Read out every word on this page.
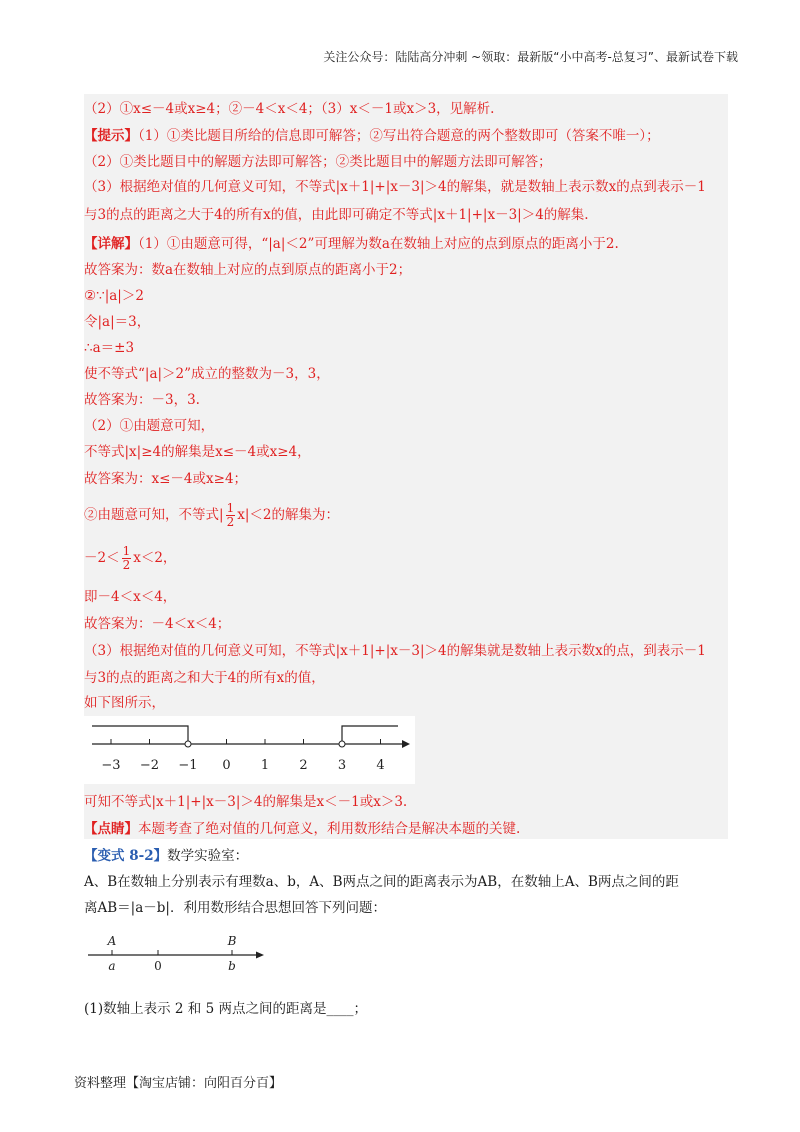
关注公众号：陆陆高分冲刺 ~领取：最新版“小中高考-总复习”、最新试卷下载
（2）①x≤－4或x≥4；②－4＜x＜4；（3）x＜－1或x＞3，见解析.
【提示】（1）①类比题目所给的信息即可解答；②写出符合题意的两个整数即可（答案不唯一）；
（2）①类比题目中的解题方法即可解答；②类比题目中的解题方法即可解答；
（3）根据绝对值的几何意义可知，不等式|x＋1|+|x－3|＞4的解集，就是数轴上表示数x的点到表示－1
与3的点的距离之大于4的所有x的值，由此即可确定不等式|x＋1|+|x－3|＞4的解集.
【详解】（1）①由题意可得，“|a|＜2”可理解为数a在数轴上对应的点到原点的距离小于2.
故答案为：数a在数轴上对应的点到原点的距离小于2；
②∵|a|＞2
令|a|＝3，
∴a＝±3
使不等式“|a|＞2”成立的整数为－3，3，
故答案为：－3，3.
（2）①由题意可知，
不等式|x|≥4的解集是x≤－4或x≥4，
故答案为：x≤－4或x≥4；
②由题意可知，不等式| $\frac{1}{2} x|<2$的解集为：
$-2< \frac{1}{2} x<2$，
即－4＜x＜4，
故答案为：－4＜x＜4；
（3）根据绝对值的几何意义可知，不等式|x＋1|+|x－3|＞4的解集就是数轴上表示数x的点，到表示－1
与3的点的距离之和大于4的所有x的值，
如下图所示，
−3 −2 −1 0 1 2 3 4
可知不等式|x＋1|+|x－3|＞4的解集是x＜－1或x＞3.
【点睛】本题考查了绝对值的几何意义，利用数形结合是解决本题的关键.
【变式 8-2】数学实验室：
A、B在数轴上分别表示有理数a、b，A、B两点之间的距离表示为AB，在数轴上A、B两点之间的距
离AB＝|a－b|．利用数形结合思想回答下列问题：
A	B
a	0	b
(1)数轴上表示 2 和 5 两点之间的距离是____；
资料整理【淘宝店铺：向阳百分百】
